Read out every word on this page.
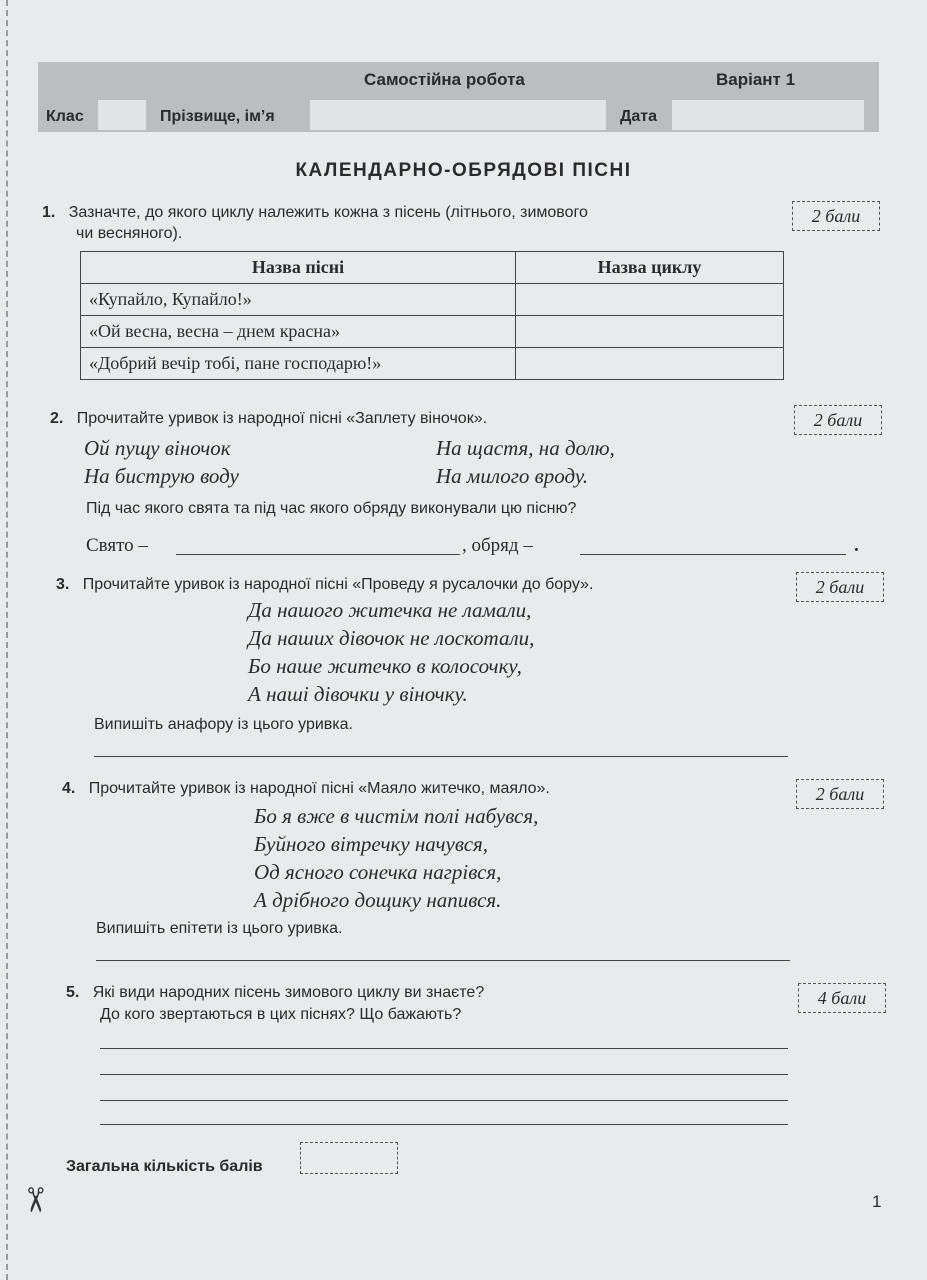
✂
Самостійна робота	Варіант 1
Клас	Прізвище, ім’я	Дата
КАЛЕНДАРНО-ОБРЯДОВІ ПІСНІ
1. Зазначте, до якого циклу належить кожна з пісень (літнього, зимового
чи весняного).
2 бали
Назва пісні	Назва циклу
«Купайло, Купайло!»	
«Ой весна, весна – днем красна»	
«Добрий вечір тобі, пане господарю!»	
2. Прочитайте уривок із народної пісні «Заплету віночок».	2 бали
Ой пущу віночок
На биструю воду
На щастя, на долю,
На милого вроду.
Під час якого свята та під час якого обряду виконували цю пісню?
Свято –	, обряд –	.
3. Прочитайте уривок із народної пісні «Проведу я русалочки до бору».	2 бали
Да нашого житечка не ламали,
Да наших дівочок не лоскотали,
Бо наше житечко в колосочку,
А наші дівочки у віночку.
Випишіть анафору із цього уривка.
4. Прочитайте уривок із народної пісні «Маяло житечко, маяло».	2 бали
Бо я вже в чистім полі набувся,
Буйного вітречку начувся,
Од ясного сонечка нагрівся,
А дрібного дощику напився.
Випишіть епітети із цього уривка.
5. Які види народних пісень зимового циклу ви знаєте?
До кого звертаються в цих піснях? Що бажають?
4 бали
Загальна кількість балів
1
